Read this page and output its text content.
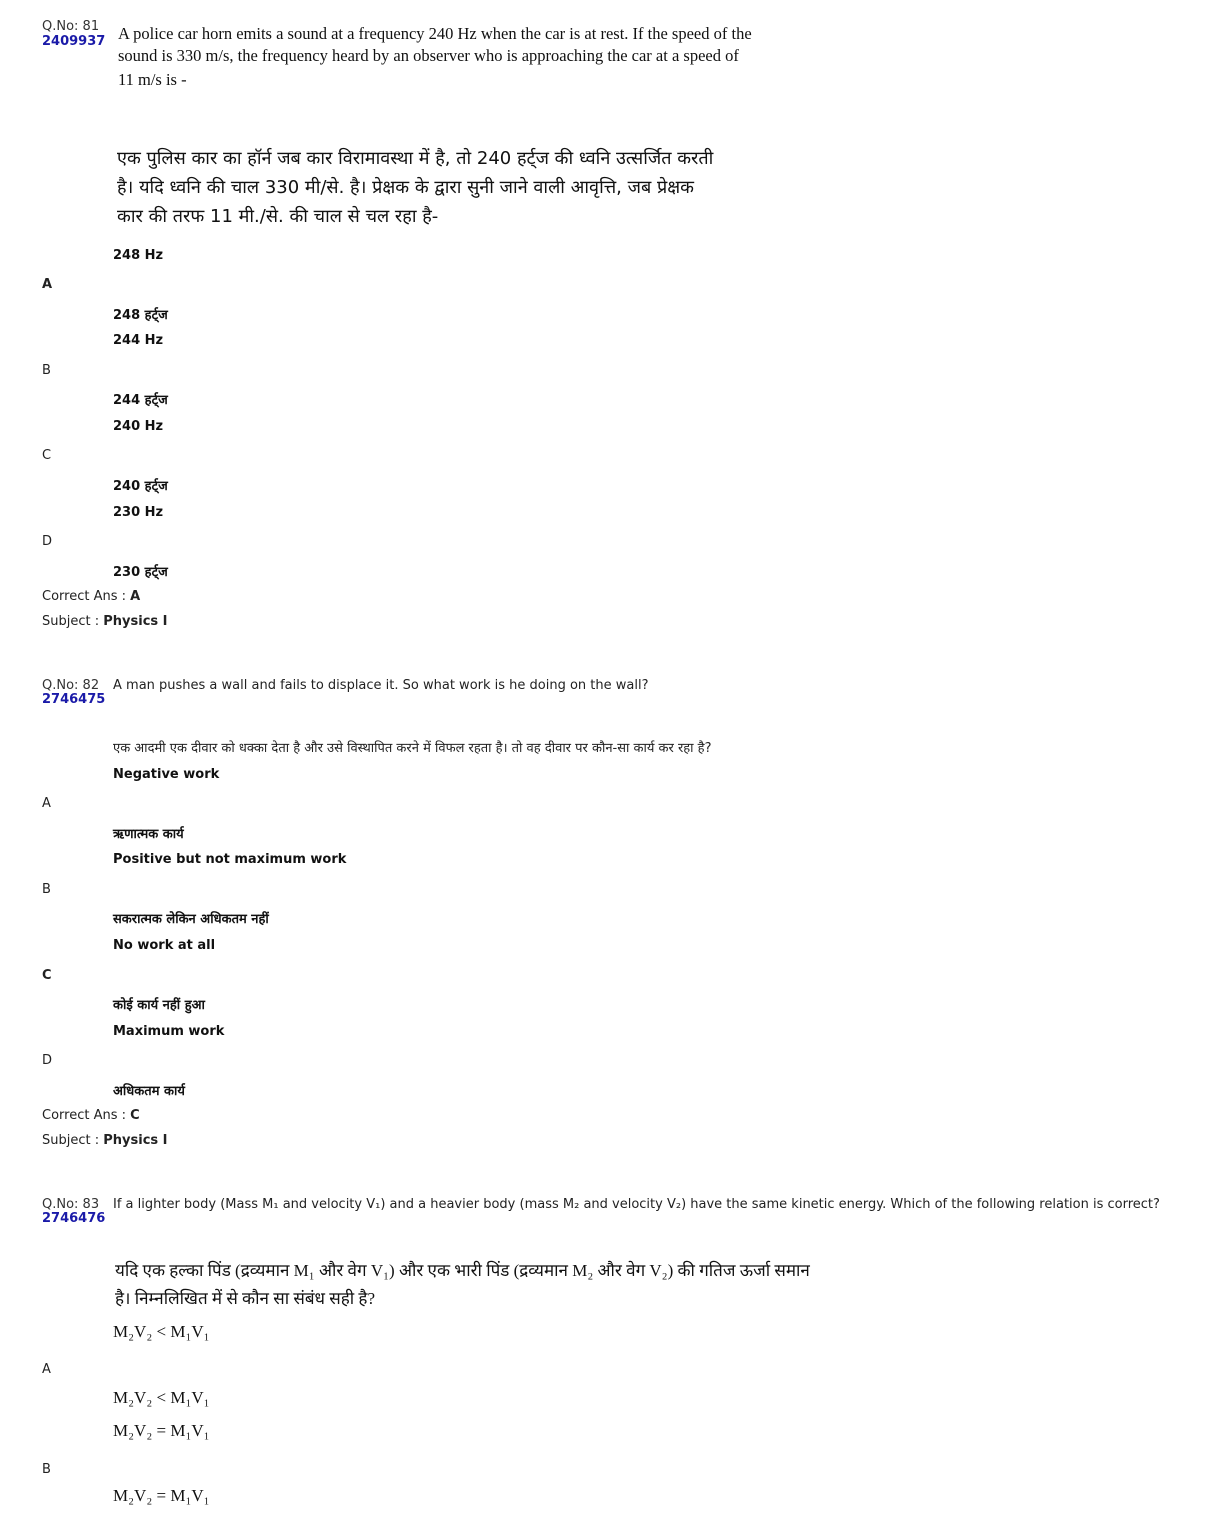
Q.No: 81
2409937 A police car horn emits a sound at a frequency 240 Hz when the car is at rest. If the speed of the
sound is 330 m/s, the frequency heard by an observer who is approaching the car at a speed of
11 m/s is -
एक पुलिस कार का हॉर्न जब कार विरामावस्था में है, तो 240 हर्ट्ज की ध्वनि उत्सर्जित करती
है। यदि ध्वनि की चाल 330 मी/से. है। प्रेक्षक के द्वारा सुनी जाने वाली आवृत्ति, जब प्रेक्षक
कार की तरफ 11 मी./से. की चाल से चल रहा है-
248 Hz
A
248 हर्ट्ज
244 Hz
B
244 हर्ट्ज
240 Hz
C
240 हर्ट्ज
230 Hz
D
230 हर्ट्ज
Correct Ans : A
Subject : Physics I
Q.No: 82
2746475
A man pushes a wall and fails to displace it. So what work is he doing on the wall?
एक आदमी एक दीवार को धक्का देता है और उसे विस्थापित करने में विफल रहता है। तो वह दीवार पर कौन-सा कार्य कर रहा है?
Negative work
A
ऋणात्मक कार्य
Positive but not maximum work
B
सकरात्मक लेकिन अधिकतम नहीं
No work at all
C
कोई कार्य नहीं हुआ
Maximum work
D
अधिकतम कार्य
Correct Ans : C
Subject : Physics I
Q.No: 83
2746476
If a lighter body (Mass M₁ and velocity V₁) and a heavier body (mass M₂ and velocity V₂) have the same kinetic energy. Which of the following relation is correct?
यदि एक हल्का पिंड (द्रव्यमान M₁ और वेग V₁) और एक भारी पिंड (द्रव्यमान M₂ और वेग V₂) की गतिज ऊर्जा समान
है। निम्नलिखित में से कौन सा संबंध सही है?
M₂V₂ < M₁V₁
A
M₂V₂ < M₁V₁
M₂V₂ = M₁V₁
B
M₂V₂ = M₁V₁
